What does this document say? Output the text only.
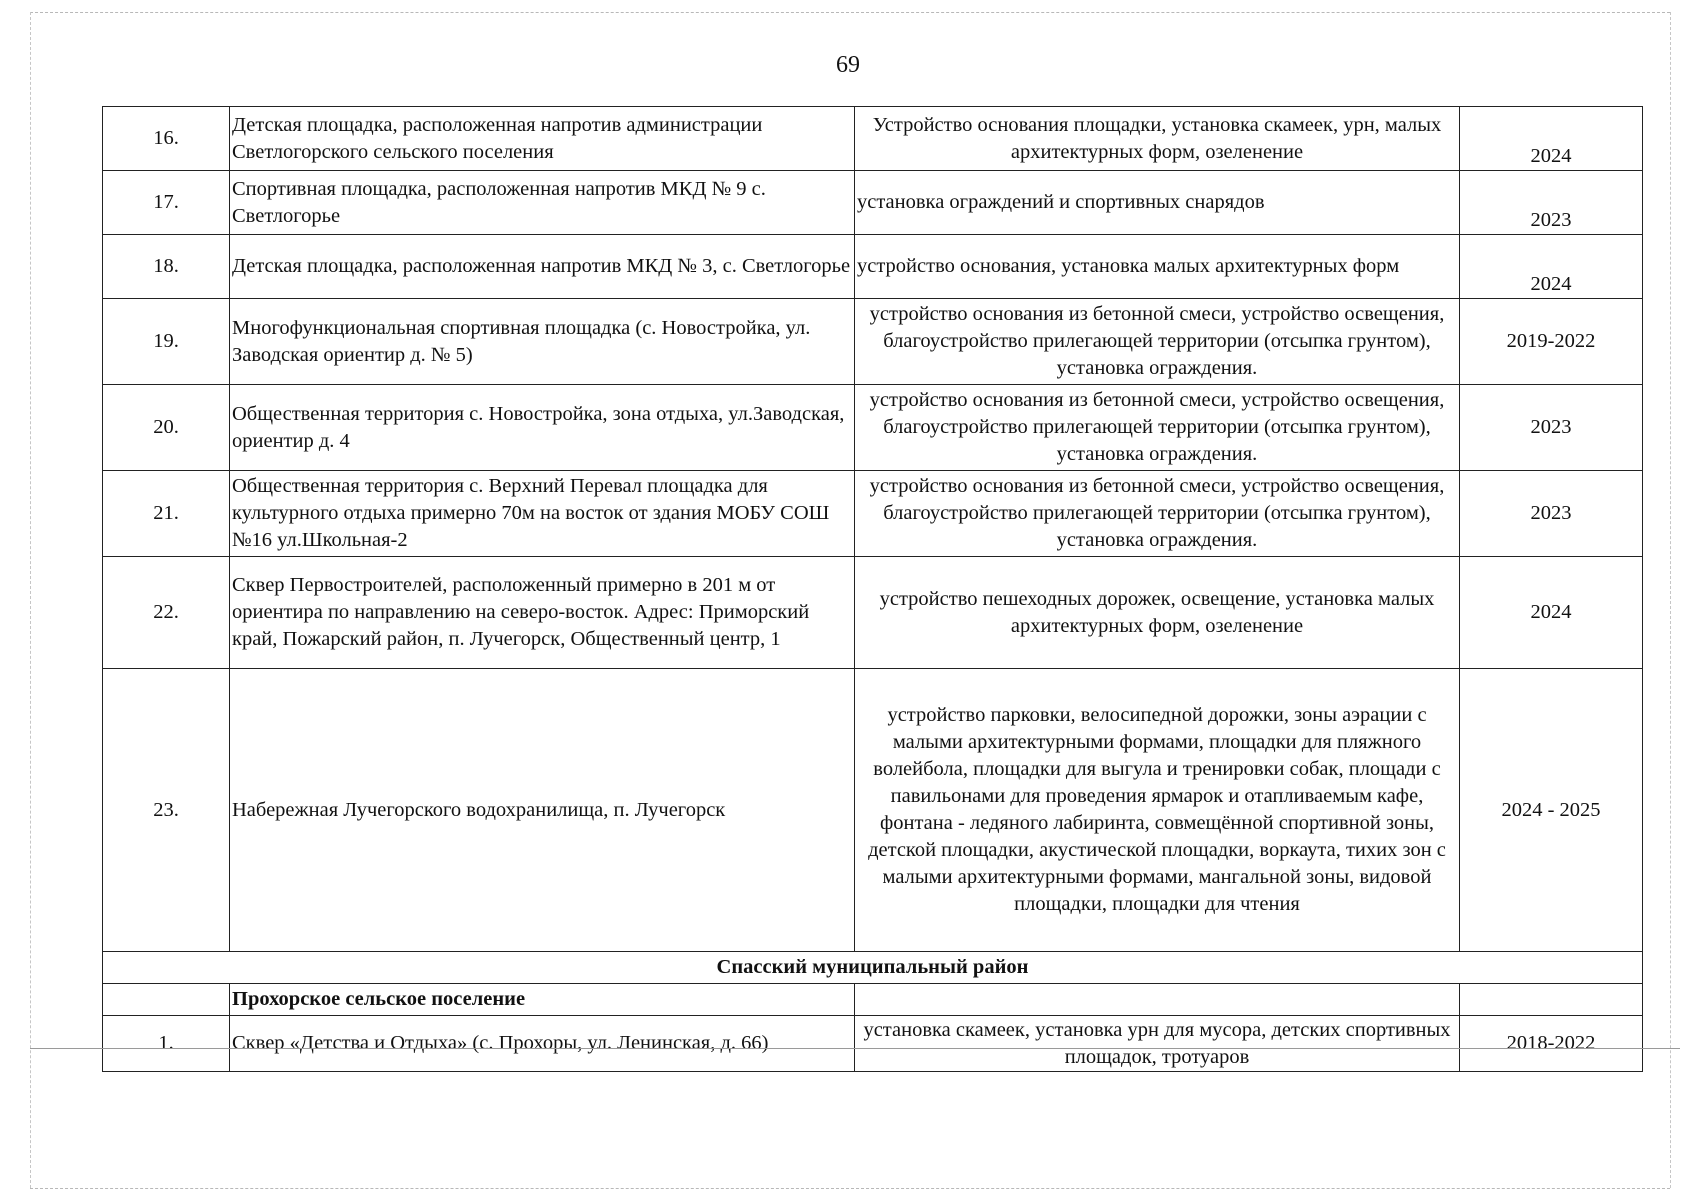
69
16.	Детская площадка, расположенная напротив администрации Светлогорского сельского поселения	Устройство основания площадки, установка скамеек, урн, малых архитектурных форм, озеленение	2024
17.	Спортивная площадка, расположенная напротив МКД № 9 с. Светлогорье	установка ограждений и спортивных снарядов	2023
18.	Детская площадка, расположенная напротив МКД № 3, с. Светлогорье	устройство основания, установка малых архитектурных форм	2024
19.	Многофункциональная спортивная площадка (с. Новостройка, ул. Заводская ориентир д. № 5)	устройство основания из бетонной смеси, устройство освещения, благоустройство прилегающей территории (отсыпка грунтом), установка ограждения.	2019-2022
20.	Общественная территория с. Новостройка, зона отдыха, ул.Заводская, ориентир д. 4	устройство основания из бетонной смеси, устройство освещения, благоустройство прилегающей территории (отсыпка грунтом), установка ограждения.	2023
21.	Общественная территория с. Верхний Перевал площадка для культурного отдыха примерно 70м на восток от здания МОБУ СОШ №16 ул.Школьная-2	устройство основания из бетонной смеси, устройство освещения, благоустройство прилегающей территории (отсыпка грунтом), установка ограждения.	2023
22.	Сквер Первостроителей, расположенный примерно в 201 м от ориентира по направлению на северо-восток. Адрес: Приморский край, Пожарский район, п. Лучегорск, Общественный центр, 1	устройство пешеходных дорожек, освещение, установка малых архитектурных форм, озеленение	2024
23.	Набережная Лучегорского водохранилища, п. Лучегорск	устройство парковки, велосипедной дорожки, зоны аэрации с малыми архитектурными формами, площадки для пляжного волейбола, площадки для выгула и тренировки собак, площади с павильонами для проведения ярмарок и отапливаемым кафе, фонтана - ледяного лабиринта, совмещённой спортивной зоны, детской площадки, акустической площадки, воркаута, тихих зон с малыми архитектурными формами, мангальной зоны, видовой площадки, площадки для чтения	2024 - 2025
Спасский муниципальный район			
	Прохорское сельское поселение		
1.	Сквер «Детства и Отдыха» (с. Прохоры, ул. Ленинская, д. 66)	установка скамеек, установка урн для мусора, детских спортивных площадок, тротуаров	2018-2022
